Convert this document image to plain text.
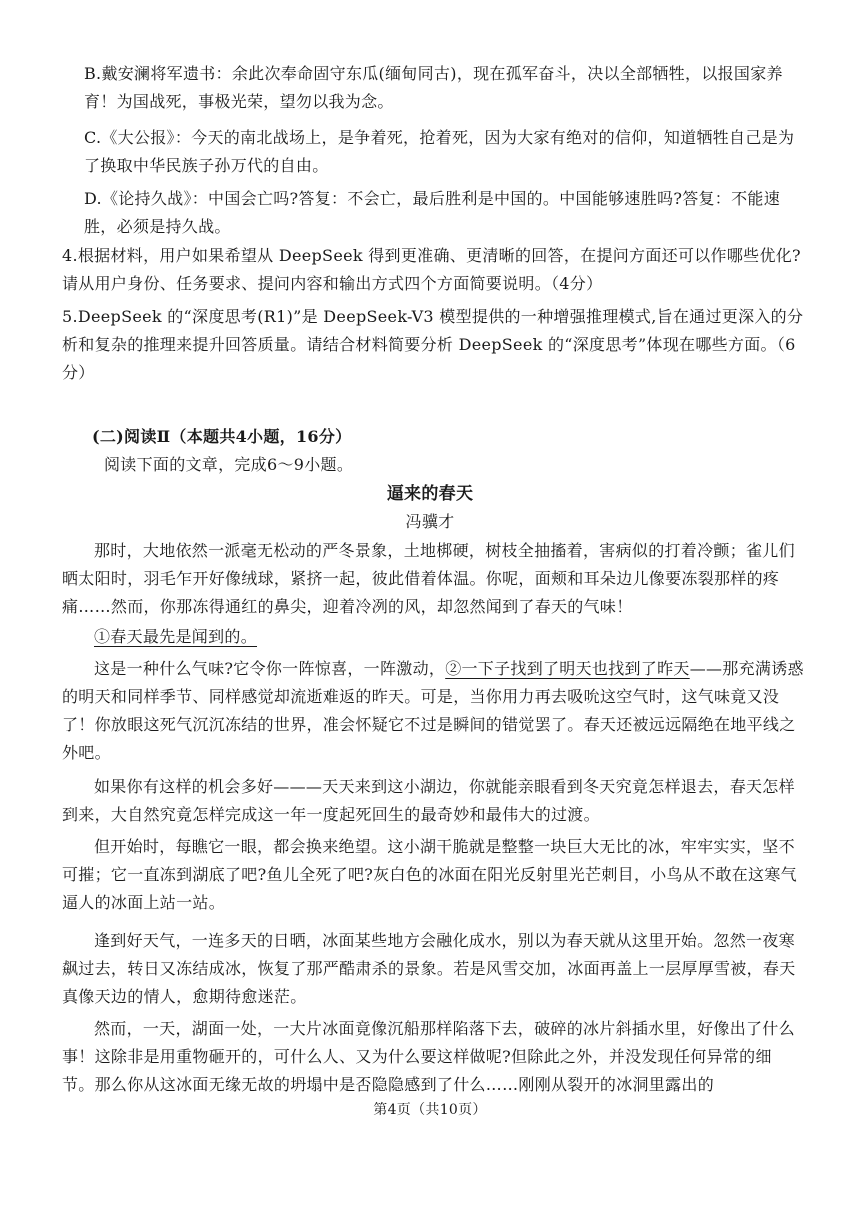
B.戴安澜将军遗书：余此次奉命固守东瓜(缅甸同古)，现在孤军奋斗，决以全部牺牲，以报国家养育！为国战死，事极光荣，望勿以我为念。
C.《大公报》：今天的南北战场上，是争着死，抢着死，因为大家有绝对的信仰，知道牺牲自己是为了换取中华民族子孙万代的自由。
D.《论持久战》：中国会亡吗?答复：不会亡，最后胜利是中国的。中国能够速胜吗?答复：不能速胜，必须是持久战。
4.根据材料，用户如果希望从 DeepSeek 得到更准确、更清晰的回答，在提问方面还可以作哪些优化?请从用户身份、任务要求、提问内容和输出方式四个方面简要说明。（4分）
5.DeepSeek 的“深度思考(R1)”是 DeepSeek-V3 模型提供的一种增强推理模式,旨在通过更深入的分析和复杂的推理来提升回答质量。请结合材料简要分析 DeepSeek 的“深度思考”体现在哪些方面。（6分）
(二)阅读Ⅱ（本题共4小题，16分）
阅读下面的文章，完成6～9小题。
逼来的春天
冯骥才
那时，大地依然一派毫无松动的严冬景象，土地梆硬，树枝全抽搐着，害病似的打着冷颤；雀儿们晒太阳时，羽毛乍开好像绒球，紧挤一起，彼此借着体温。你呢，面颊和耳朵边儿像要冻裂那样的疼痛……然而，你那冻得通红的鼻尖，迎着冷冽的风，却忽然闻到了春天的气味！
①春天最先是闻到的。
这是一种什么气味?它令你一阵惊喜，一阵激动，②一下子找到了明天也找到了昨天——那充满诱惑的明天和同样季节、同样感觉却流逝难返的昨天。可是，当你用力再去吸吮这空气时，这气味竟又没了！你放眼这死气沉沉冻结的世界，准会怀疑它不过是瞬间的错觉罢了。春天还被远远隔绝在地平线之外吧。
如果你有这样的机会多好———天天来到这小湖边，你就能亲眼看到冬天究竟怎样退去，春天怎样到来，大自然究竟怎样完成这一年一度起死回生的最奇妙和最伟大的过渡。
但开始时，每瞧它一眼，都会换来绝望。这小湖干脆就是整整一块巨大无比的冰，牢牢实实，坚不可摧；它一直冻到湖底了吧?鱼儿全死了吧?灰白色的冰面在阳光反射里光芒刺目，小鸟从不敢在这寒气逼人的冰面上站一站。
逢到好天气，一连多天的日晒，冰面某些地方会融化成水，别以为春天就从这里开始。忽然一夜寒飙过去，转日又冻结成冰，恢复了那严酷肃杀的景象。若是风雪交加，冰面再盖上一层厚厚雪被，春天真像天边的情人，愈期待愈迷茫。
然而，一天，湖面一处，一大片冰面竟像沉船那样陷落下去，破碎的冰片斜插水里，好像出了什么事！这除非是用重物砸开的，可什么人、又为什么要这样做呢?但除此之外，并没发现任何异常的细节。那么你从这冰面无缘无故的坍塌中是否隐隐感到了什么……刚刚从裂开的冰洞里露出的
第4页（共10页）
